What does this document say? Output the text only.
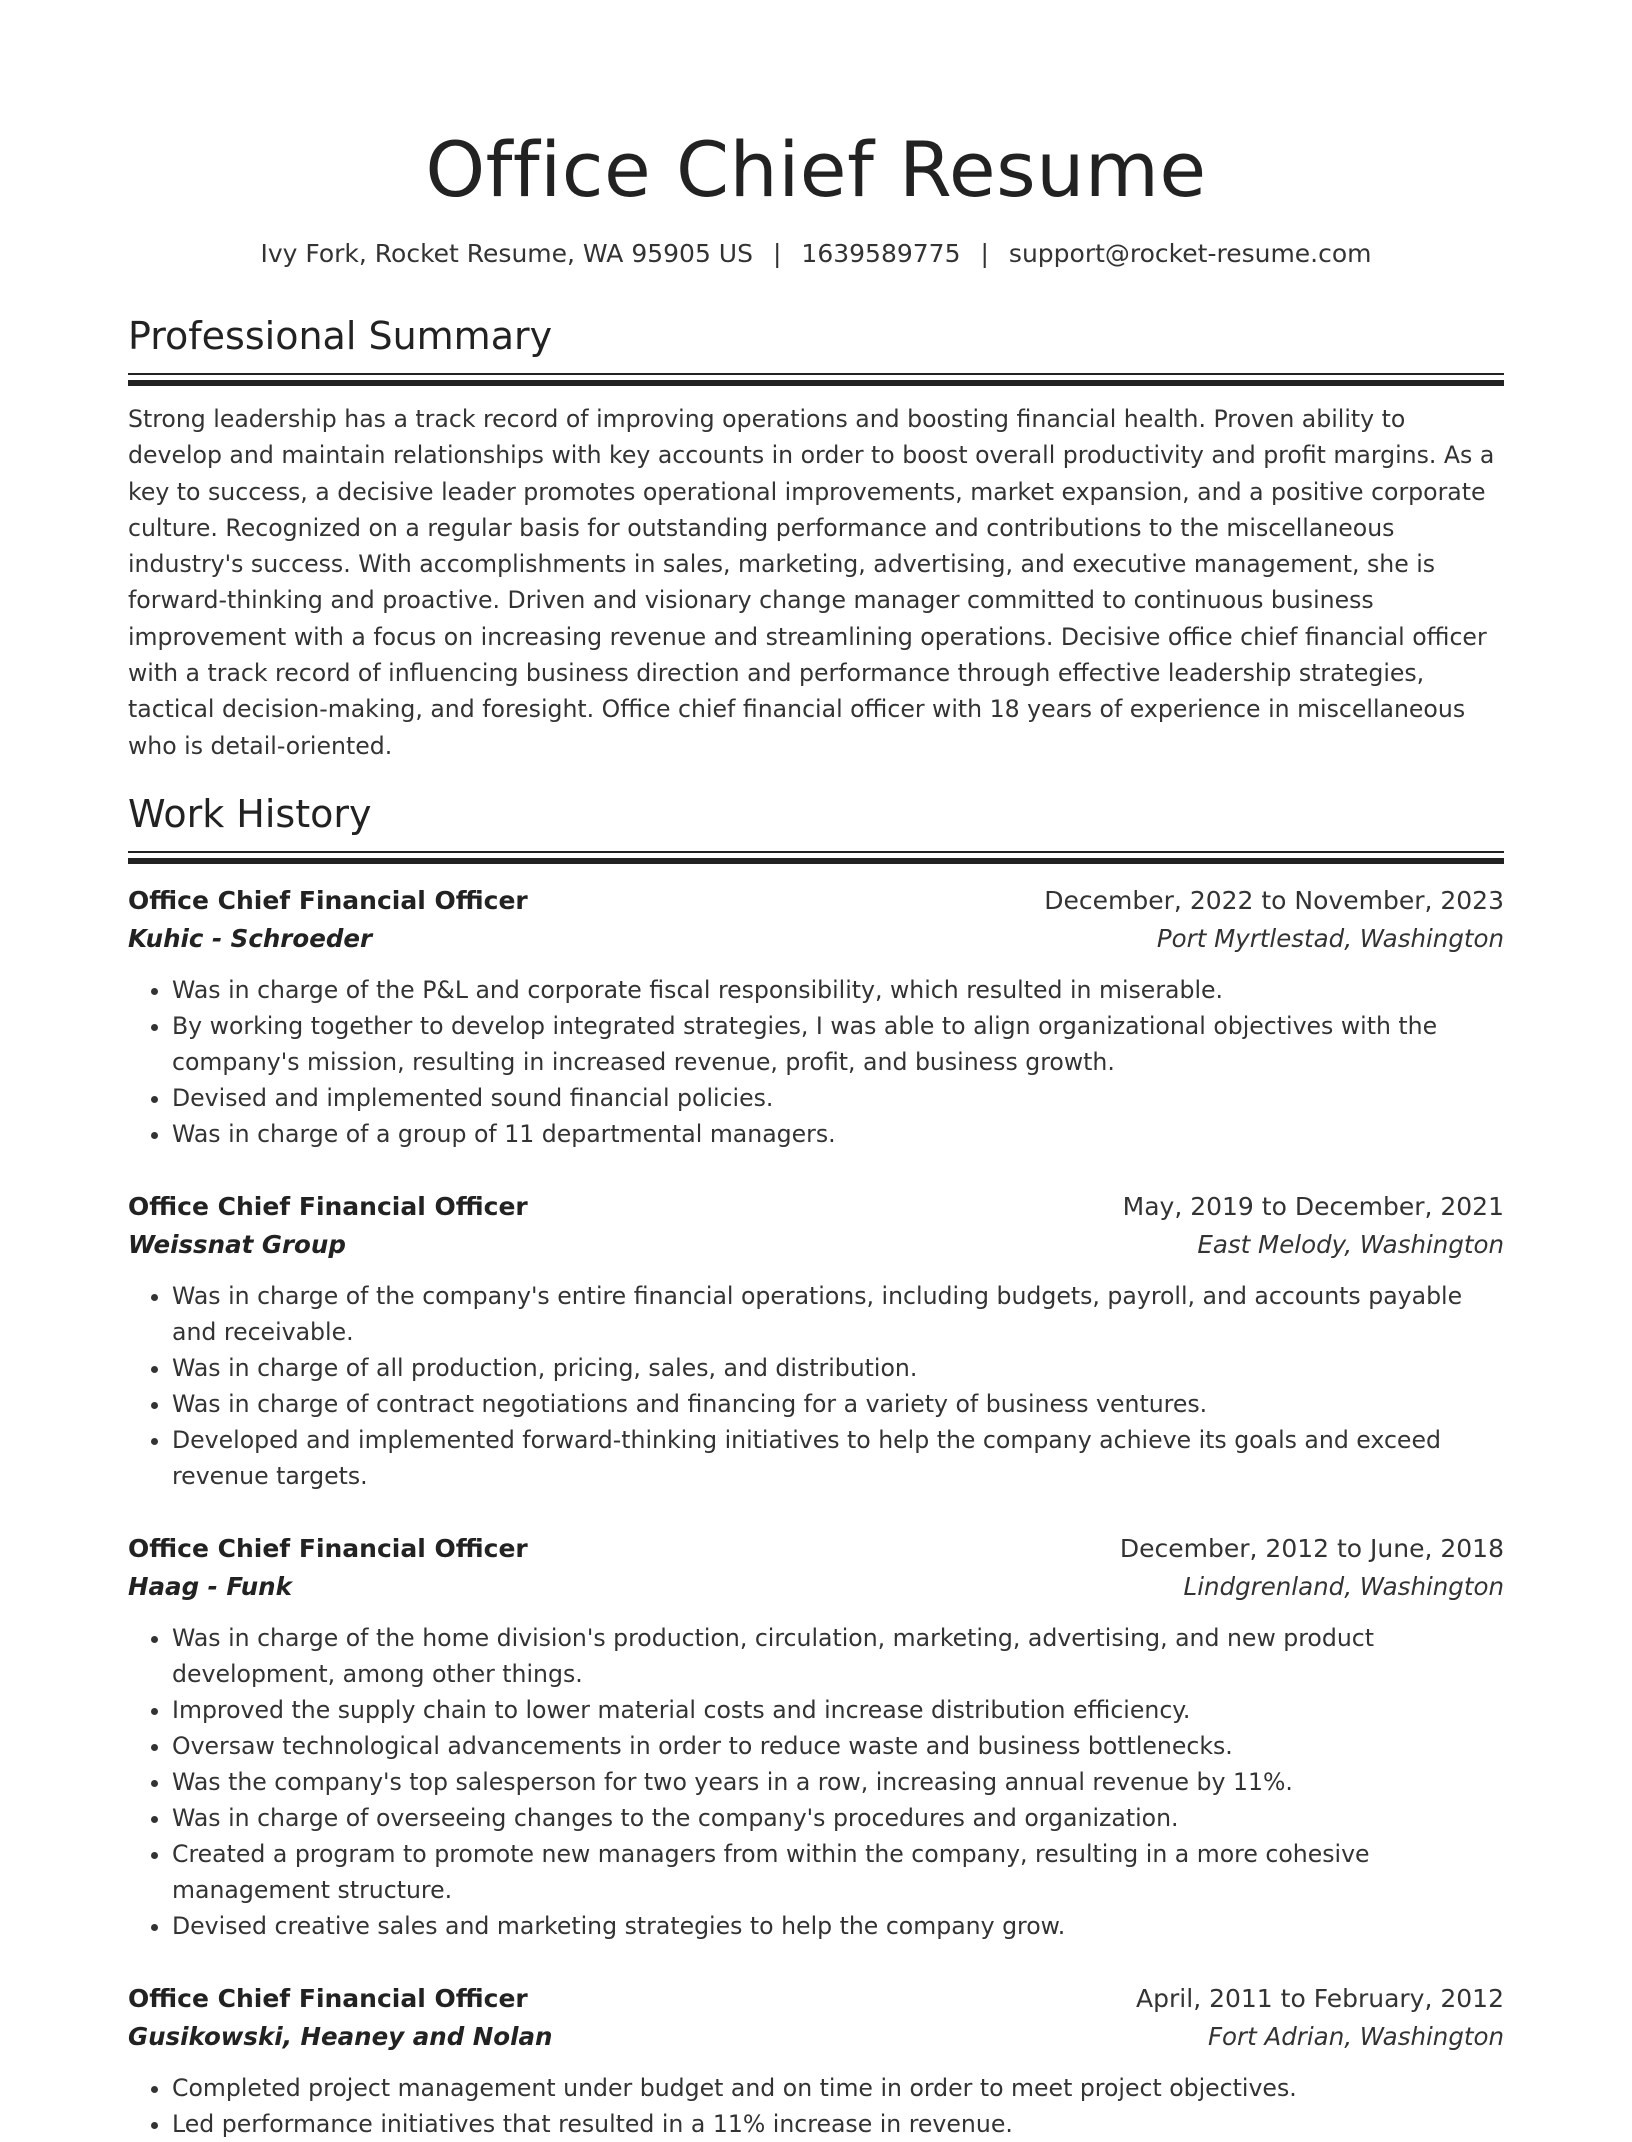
Office Chief Resume
Ivy Fork, Rocket Resume, WA 95905 US | 1639589775 | support@rocket-resume.com
Professional Summary

Strong leadership has a track record of improving operations and boosting financial health. Proven ability to develop and maintain relationships with key accounts in order to boost overall productivity and profit margins. As a key to success, a decisive leader promotes operational improvements, market expansion, and a positive corporate culture. Recognized on a regular basis for outstanding performance and contributions to the miscellaneous industry's success. With accomplishments in sales, marketing, advertising, and executive management, she is forward-thinking and proactive. Driven and visionary change manager committed to continuous business improvement with a focus on increasing revenue and streamlining operations. Decisive office chief financial officer with a track record of influencing business direction and performance through effective leadership strategies, tactical decision-making, and foresight. Office chief financial officer with 18 years of experience in miscellaneous who is detail-oriented.

Work History
Office Chief Financial Officer	December, 2022 to November, 2023
Kuhic - Schroeder	Port Myrtlestad, Washington
• Was in charge of the P&L and corporate fiscal responsibility, which resulted in miserable.
• By working together to develop integrated strategies, I was able to align organizational objectives with the company's mission, resulting in increased revenue, profit, and business growth.
• Devised and implemented sound financial policies.
• Was in charge of a group of 11 departmental managers.
Office Chief Financial Officer	May, 2019 to December, 2021
Weissnat Group	East Melody, Washington
• Was in charge of the company's entire financial operations, including budgets, payroll, and accounts payable and receivable.
• Was in charge of all production, pricing, sales, and distribution.
• Was in charge of contract negotiations and financing for a variety of business ventures.
• Developed and implemented forward-thinking initiatives to help the company achieve its goals and exceed revenue targets.
Office Chief Financial Officer	December, 2012 to June, 2018
Haag - Funk	Lindgrenland, Washington
• Was in charge of the home division's production, circulation, marketing, advertising, and new product development, among other things.
• Improved the supply chain to lower material costs and increase distribution efficiency.
• Oversaw technological advancements in order to reduce waste and business bottlenecks.
• Was the company's top salesperson for two years in a row, increasing annual revenue by 11%.
• Was in charge of overseeing changes to the company's procedures and organization.
• Created a program to promote new managers from within the company, resulting in a more cohesive management structure.
• Devised creative sales and marketing strategies to help the company grow.
Office Chief Financial Officer	April, 2011 to February, 2012
Gusikowski, Heaney and Nolan	Fort Adrian, Washington
• Completed project management under budget and on time in order to meet project objectives.
• Led performance initiatives that resulted in a 11% increase in revenue.
